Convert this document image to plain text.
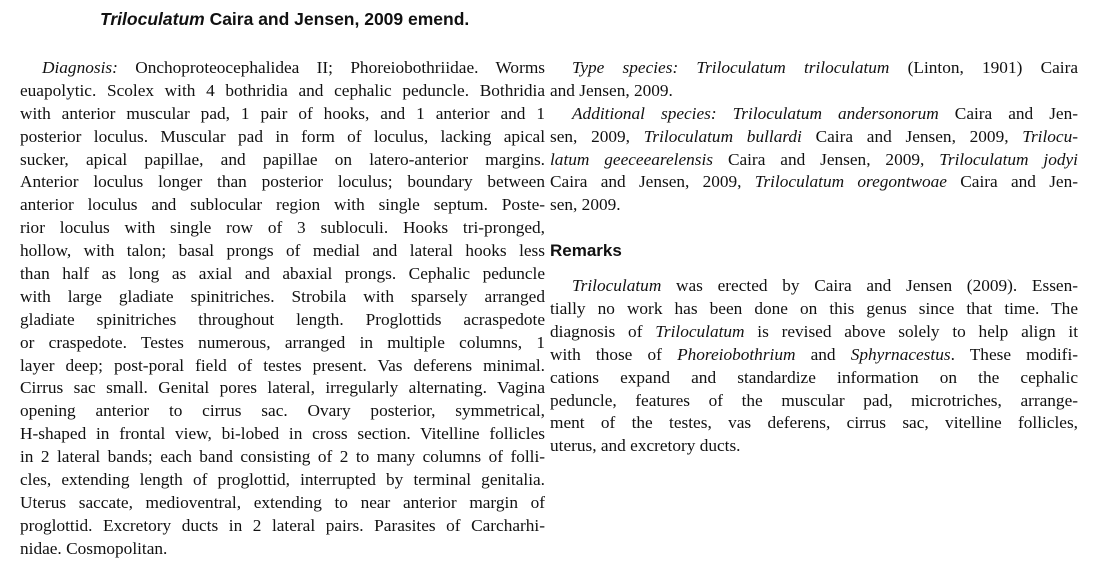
Triloculatum Caira and Jensen, 2009 emend.
Diagnosis: Onchoproteocephalidea II; Phoreiobothriidae. Worms
euapolytic. Scolex with 4 bothridia and cephalic peduncle. Bothridia
with anterior muscular pad, 1 pair of hooks, and 1 anterior and 1
posterior loculus. Muscular pad in form of loculus, lacking apical
sucker, apical papillae, and papillae on latero-anterior margins.
Anterior loculus longer than posterior loculus; boundary between
anterior loculus and sublocular region with single septum. Poste-
rior loculus with single row of 3 subloculi. Hooks tri-pronged,
hollow, with talon; basal prongs of medial and lateral hooks less
than half as long as axial and abaxial prongs. Cephalic peduncle
with large gladiate spinitriches. Strobila with sparsely arranged
gladiate spinitriches throughout length. Proglottids acraspedote
or craspedote. Testes numerous, arranged in multiple columns, 1
layer deep; post-poral field of testes present. Vas deferens minimal.
Cirrus sac small. Genital pores lateral, irregularly alternating. Vagina
opening anterior to cirrus sac. Ovary posterior, symmetrical,
H-shaped in frontal view, bi-lobed in cross section. Vitelline follicles
in 2 lateral bands; each band consisting of 2 to many columns of folli-
cles, extending length of proglottid, interrupted by terminal genitalia.
Uterus saccate, medioventral, extending to near anterior margin of
proglottid. Excretory ducts in 2 lateral pairs. Parasites of Carcharhi-
nidae. Cosmopolitan.
Type species: Triloculatum triloculatum (Linton, 1901) Caira
and Jensen, 2009.
Additional species: Triloculatum andersonorum Caira and Jen-
sen, 2009, Triloculatum bullardi Caira and Jensen, 2009, Trilocu-
latum geeceearelensis Caira and Jensen, 2009, Triloculatum jodyi
Caira and Jensen, 2009, Triloculatum oregontwoae Caira and Jen-
sen, 2009.
Remarks
Triloculatum was erected by Caira and Jensen (2009). Essen-
tially no work has been done on this genus since that time. The
diagnosis of Triloculatum is revised above solely to help align it
with those of Phoreiobothrium and Sphyrnacestus. These modifi-
cations expand and standardize information on the cephalic
peduncle, features of the muscular pad, microtriches, arrange-
ment of the testes, vas deferens, cirrus sac, vitelline follicles,
uterus, and excretory ducts.
